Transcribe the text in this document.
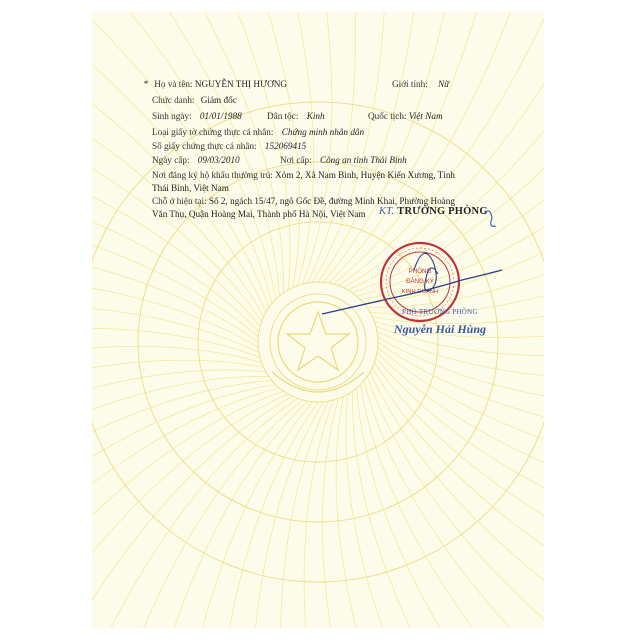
* Họ và tên: NGUYỄN THỊ HƯƠNG	Giới tính: Nữ
Chức danh: Giám đốc
Sinh ngày: 01/01/1988	Dân tộc: Kinh	Quốc tịch: Việt Nam
Loại giấy tờ chứng thực cá nhân: Chứng minh nhân dân
Số giấy chứng thực cá nhân: 152069415
Ngày cấp: 09/03/2010	Nơi cấp: Công an tỉnh Thái Bình
Nơi đăng ký hộ khẩu thường trú: Xóm 2, Xã Nam Bình, Huyện Kiến Xương, Tỉnh
Thái Bình, Việt Nam
Chỗ ở hiện tại: Số 2, ngách 15/47, ngõ Gốc Đề, đường Minh Khai, Phường Hoàng
Văn Thụ, Quận Hoàng Mai, Thành phố Hà Nội, Việt Nam KT. TRƯỞNG PHÒNG
PHÒNG
ĐĂNG KÝ
KINH DOANH
PHÓ TRƯỞNG PHÒNG
Nguyễn Hải Hùng
